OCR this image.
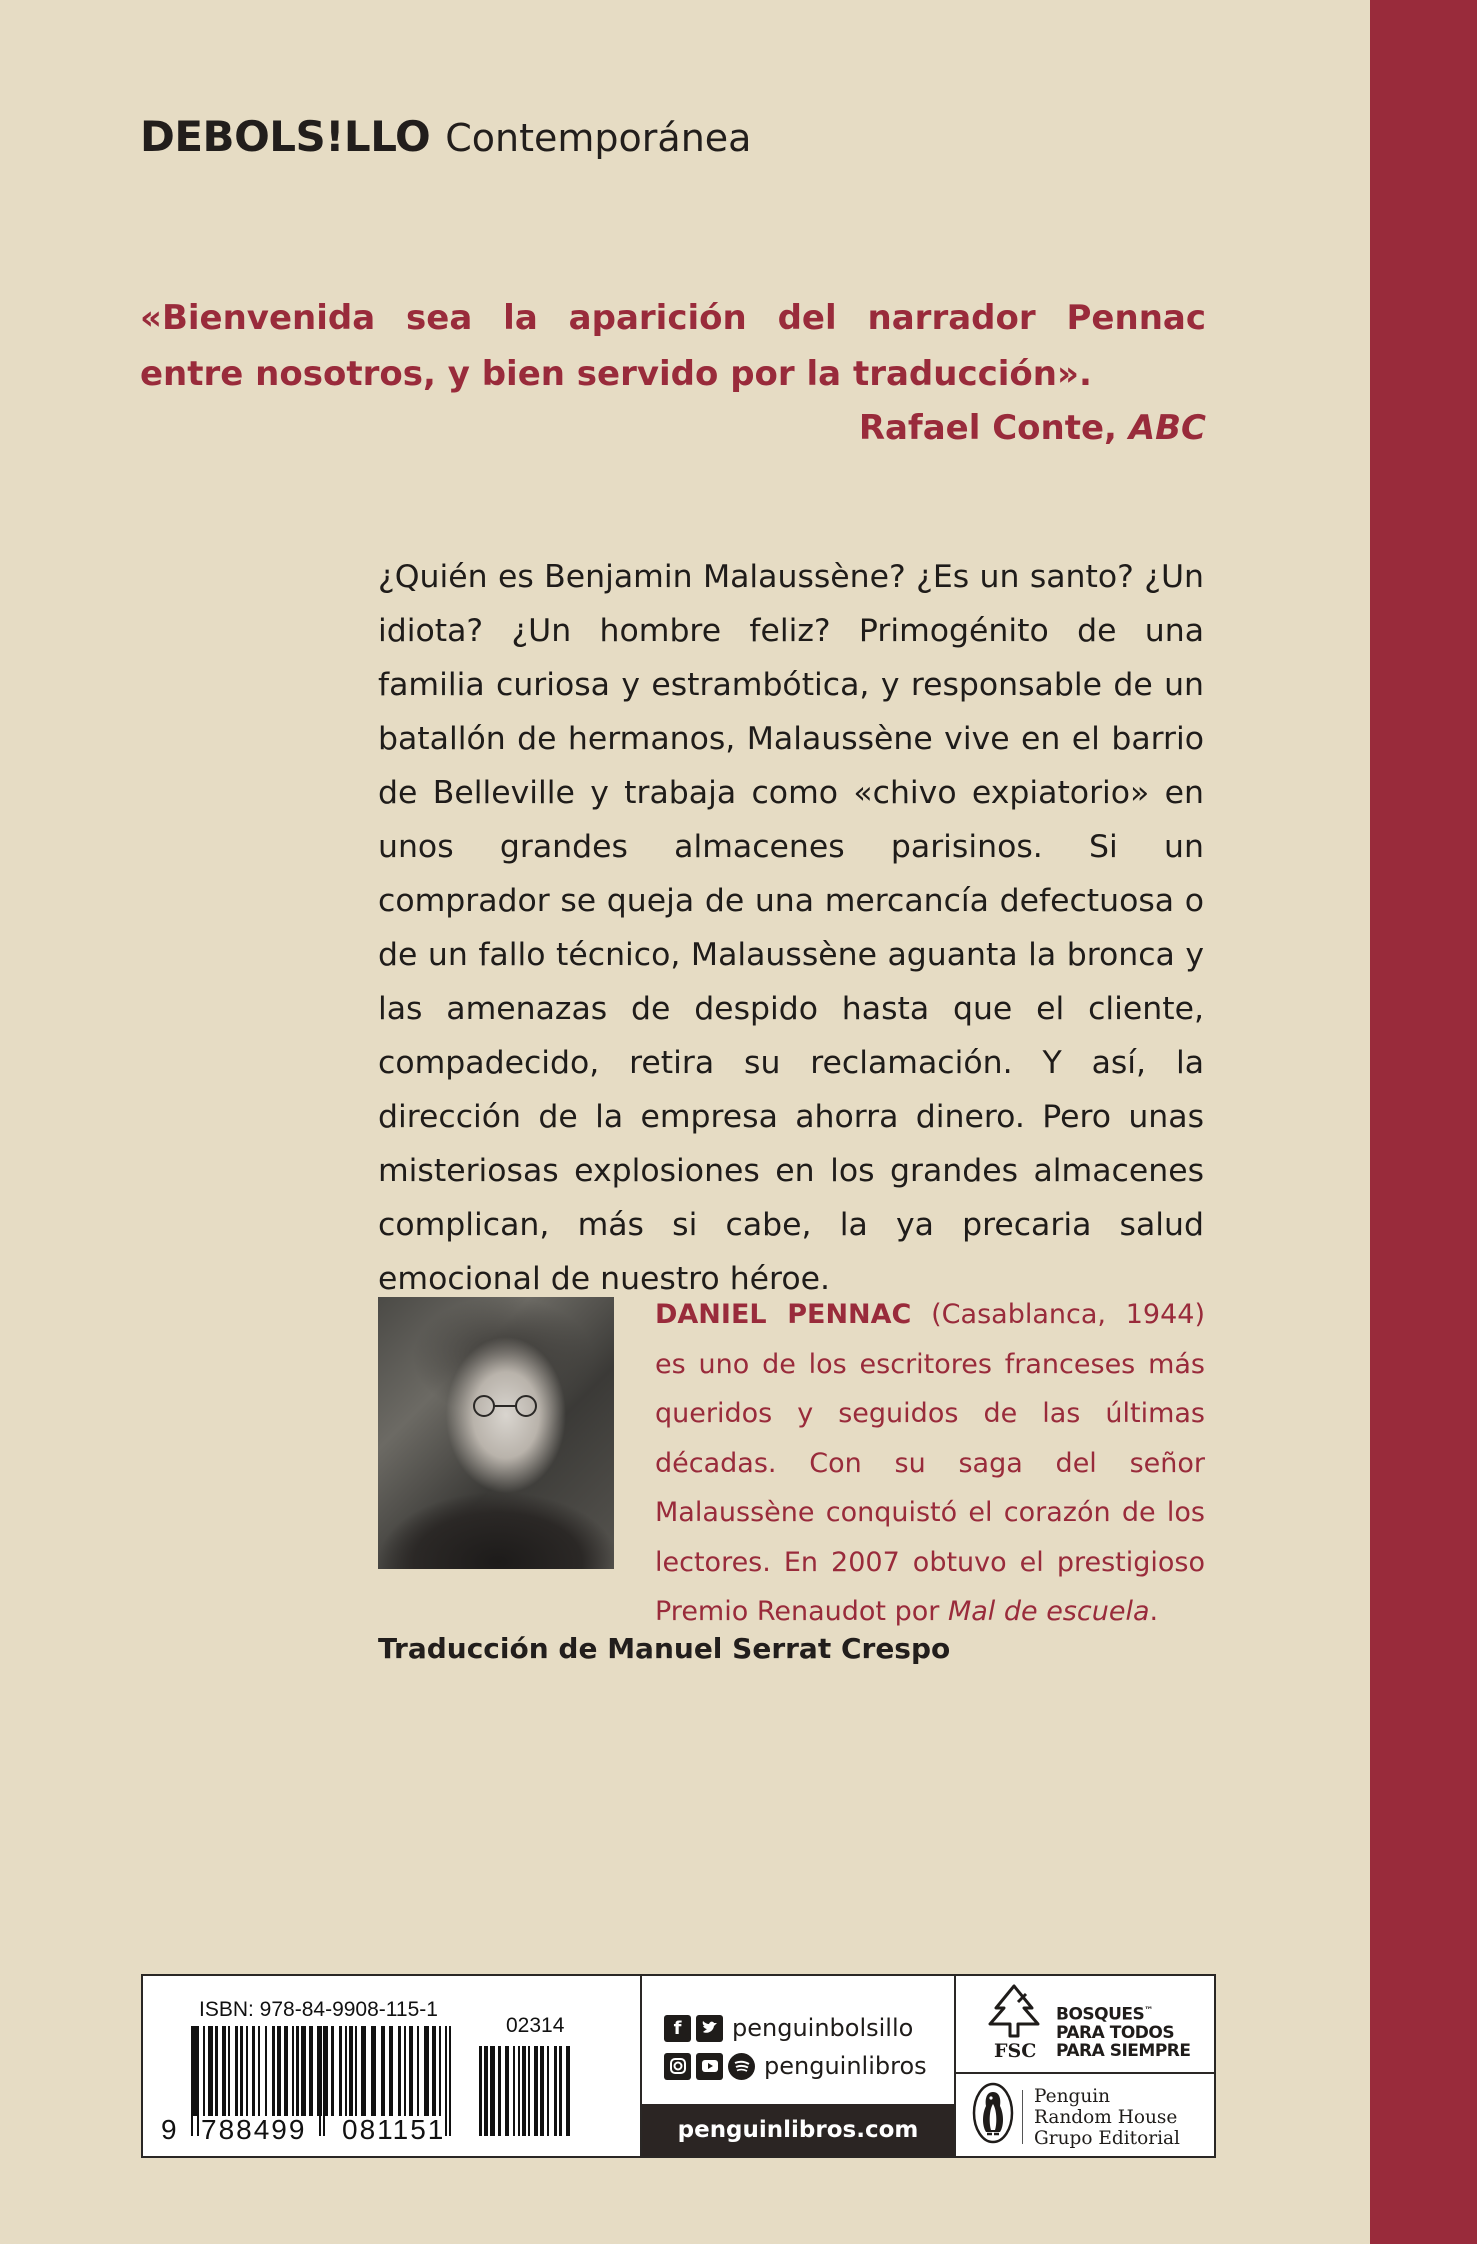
DEBOLS!LLO Contemporánea
«Bienvenida sea la aparición del narrador Pennac entre nosotros, y bien servido por la traducción».
Rafael Conte, ABC
¿Quién es Benjamin Malaussène? ¿Es un santo? ¿Un idiota? ¿Un hombre feliz? Primogénito de una familia curiosa y estrambótica, y responsable de un batallón de hermanos, Malaussène vive en el barrio de Belleville y trabaja como «chivo expiatorio» en unos grandes almacenes parisinos. Si un comprador se queja de una mercancía defectuosa o de un fallo técnico, Malaussène aguanta la bronca y las amenazas de despido hasta que el cliente, compadecido, retira su reclamación. Y así, la dirección de la empresa ahorra dinero. Pero unas misteriosas explosiones en los grandes almacenes complican, más si cabe, la ya precaria salud emocional de nuestro héroe.
DANIEL PENNAC (Casablanca, 1944) es uno de los escritores franceses más queridos y seguidos de las últimas décadas. Con su saga del señor Malaussène conquistó el corazón de los lectores. En 2007 obtuvo el prestigioso Premio Renaudot por Mal de escuela.
Traducción de Manuel Serrat Crespo
ISBN: 978-84-9908-115-1
02314
9 788499 081151
f	penguinbolsillo
penguinlibros
penguinlibros.com
FSC
BOSQUES™
PARA TODOS
PARA SIEMPRE
Penguin
Random House
Grupo Editorial
